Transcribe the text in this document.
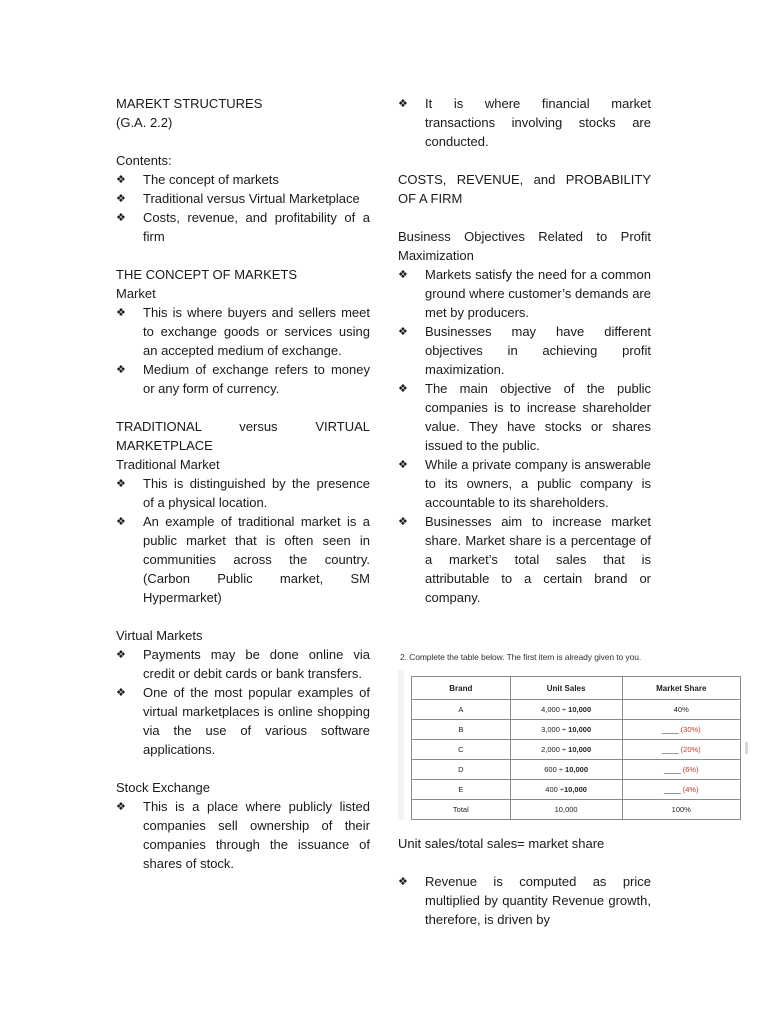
MAREKT STRUCTURES

(G.A. 2.2)

Contents:

❖	The concept of markets
❖	Traditional versus Virtual Marketplace
❖	Costs, revenue, and profitability of a firm

THE CONCEPT OF MARKETS

Market

❖	This is where buyers and sellers meet to exchange goods or services using an accepted medium of exchange.
❖	Medium of exchange refers to money or any form of currency.

TRADITIONAL versus VIRTUAL

MARKETPLACE

Traditional Market

❖	This is distinguished by the presence of a physical location.
❖	An example of traditional market is a public market that is often seen in communities across the country. (Carbon Public market, SM Hypermarket)

Virtual Markets

❖	Payments may be done online via credit or debit cards or bank transfers.
❖	One of the most popular examples of virtual marketplaces is online shopping via the use of various software applications.

Stock Exchange

❖	This is a place where publicly listed companies sell ownership of their companies through the issuance of shares of stock.
❖	It is where financial market transactions involving stocks are conducted.

COSTS, REVENUE, and PROBABILITY OF A FIRM

Business Objectives Related to Profit Maximization

❖	Markets satisfy the need for a common ground where customer’s demands are met by producers.
❖	Businesses may have different objectives in achieving profit maximization.
❖	The main objective of the public companies is to increase shareholder value. They have stocks or shares issued to the public.
❖	While a private company is answerable to its owners, a public company is accountable to its shareholders.
❖	Businesses aim to increase market share. Market share is a percentage of a market’s total sales that is attributable to a certain brand or company.
2. Complete the table below. The first item is already given to you.
Brand	Unit Sales	Market Share
A	4,000 ÷ 10,000	40%
B	3,000 ÷ 10,000	____ (30%)
C	2,000 ÷ 10,000	____ (20%)
D	600 ÷ 10,000	____ (6%)
E	400 ÷10,000	____ (4%)
Total	10,000	100%

Unit sales/total sales= market share

❖	Revenue is computed as price multiplied by quantity Revenue growth, therefore, is driven by
